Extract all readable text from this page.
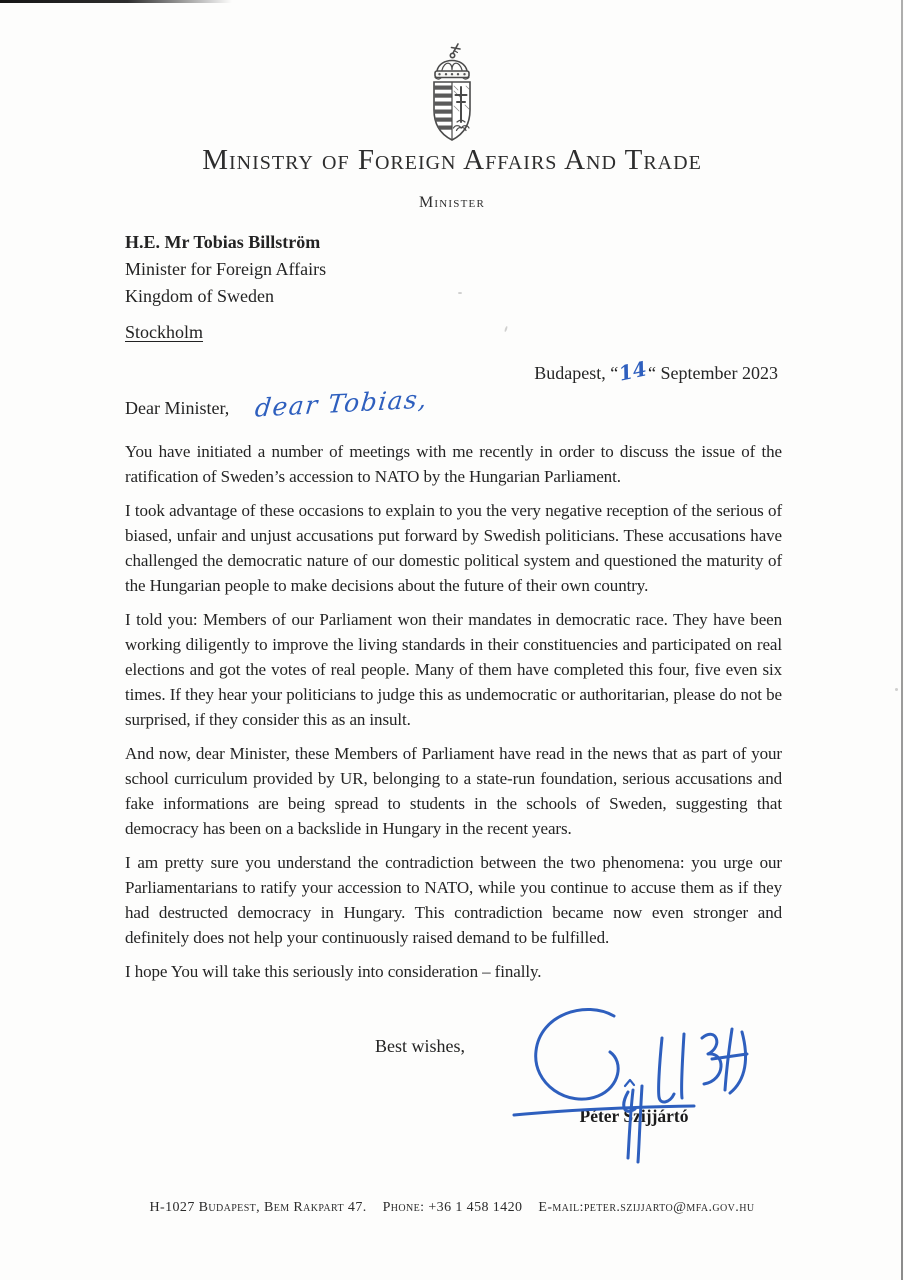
Ministry of Foreign Affairs And Trade
Minister
H.E. Mr Tobias Billström
Minister for Foreign Affairs
Kingdom of Sweden
Stockholm
Budapest, “14“ September 2023
Dear Minister, dear Tobias,

You have initiated a number of meetings with me recently in order to discuss the issue of the ratification of Sweden’s accession to NATO by the Hungarian Parliament.

I took advantage of these occasions to explain to you the very negative reception of the serious of biased, unfair and unjust accusations put forward by Swedish politicians. These accusations have challenged the democratic nature of our domestic political system and questioned the maturity of the Hungarian people to make decisions about the future of their own country.

I told you: Members of our Parliament won their mandates in democratic race. They have been working diligently to improve the living standards in their constituencies and participated on real elections and got the votes of real people. Many of them have completed this four, five even six times. If they hear your politicians to judge this as undemocratic or authoritarian, please do not be surprised, if they consider this as an insult.

And now, dear Minister, these Members of Parliament have read in the news that as part of your school curriculum provided by UR, belonging to a state-run foundation, serious accusations and fake informations are being spread to students in the schools of Sweden, suggesting that democracy has been on a backslide in Hungary in the recent years.

I am pretty sure you understand the contradiction between the two phenomena: you urge our Parliamentarians to ratify your accession to NATO, while you continue to accuse them as if they had destructed democracy in Hungary. This contradiction became now even stronger and definitely does not help your continuously raised demand to be fulfilled.

I hope You will take this seriously into consideration – finally.

Best wishes,
Péter Szijjártó
H-1027 Budapest, Bem Rakpart 47. Phone: +36 1 458 1420 E-mail:peter.szijjarto@mfa.gov.hu
